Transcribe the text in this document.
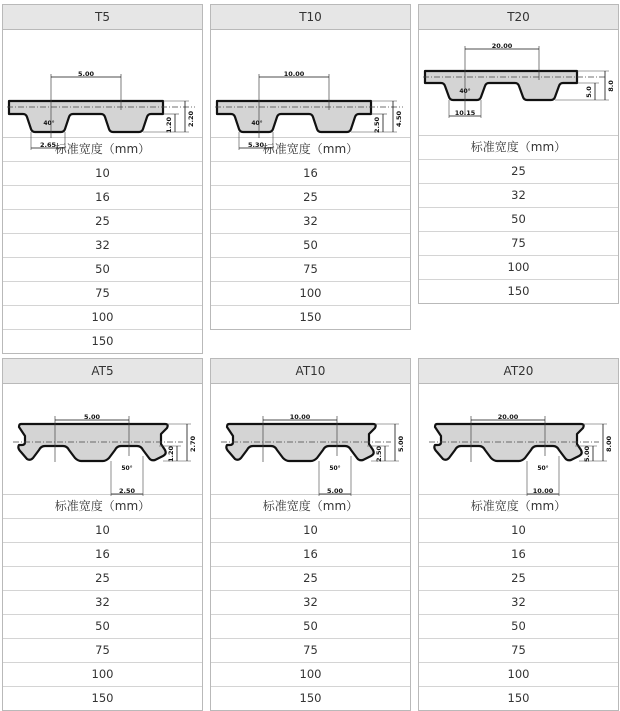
T5
5.00
40°
2.65
1.20 2.20
标准宽度（mm）
10
16
25
32
50
75
100
150
T10
10.00
40°
5.30
2.50 4.50
标准宽度（mm）
16
25
32
50
75
100
150
T20
20.00
40°
10.15
5.0
8.0
标准宽度（mm）
25
32
50
75
100
150
AT5
5.00
50°
2.50
1.20
2.70
标准宽度（mm）
10
16
25
32
50
75
100
150
AT10
10.00
50°
5.00
2.50
5.00
标准宽度（mm）
10
16
25
32
50
75
100
150
AT20
20.00
50°
10.00
5.00
8.00
标准宽度（mm）
10
16
25
32
50
75
100
150
